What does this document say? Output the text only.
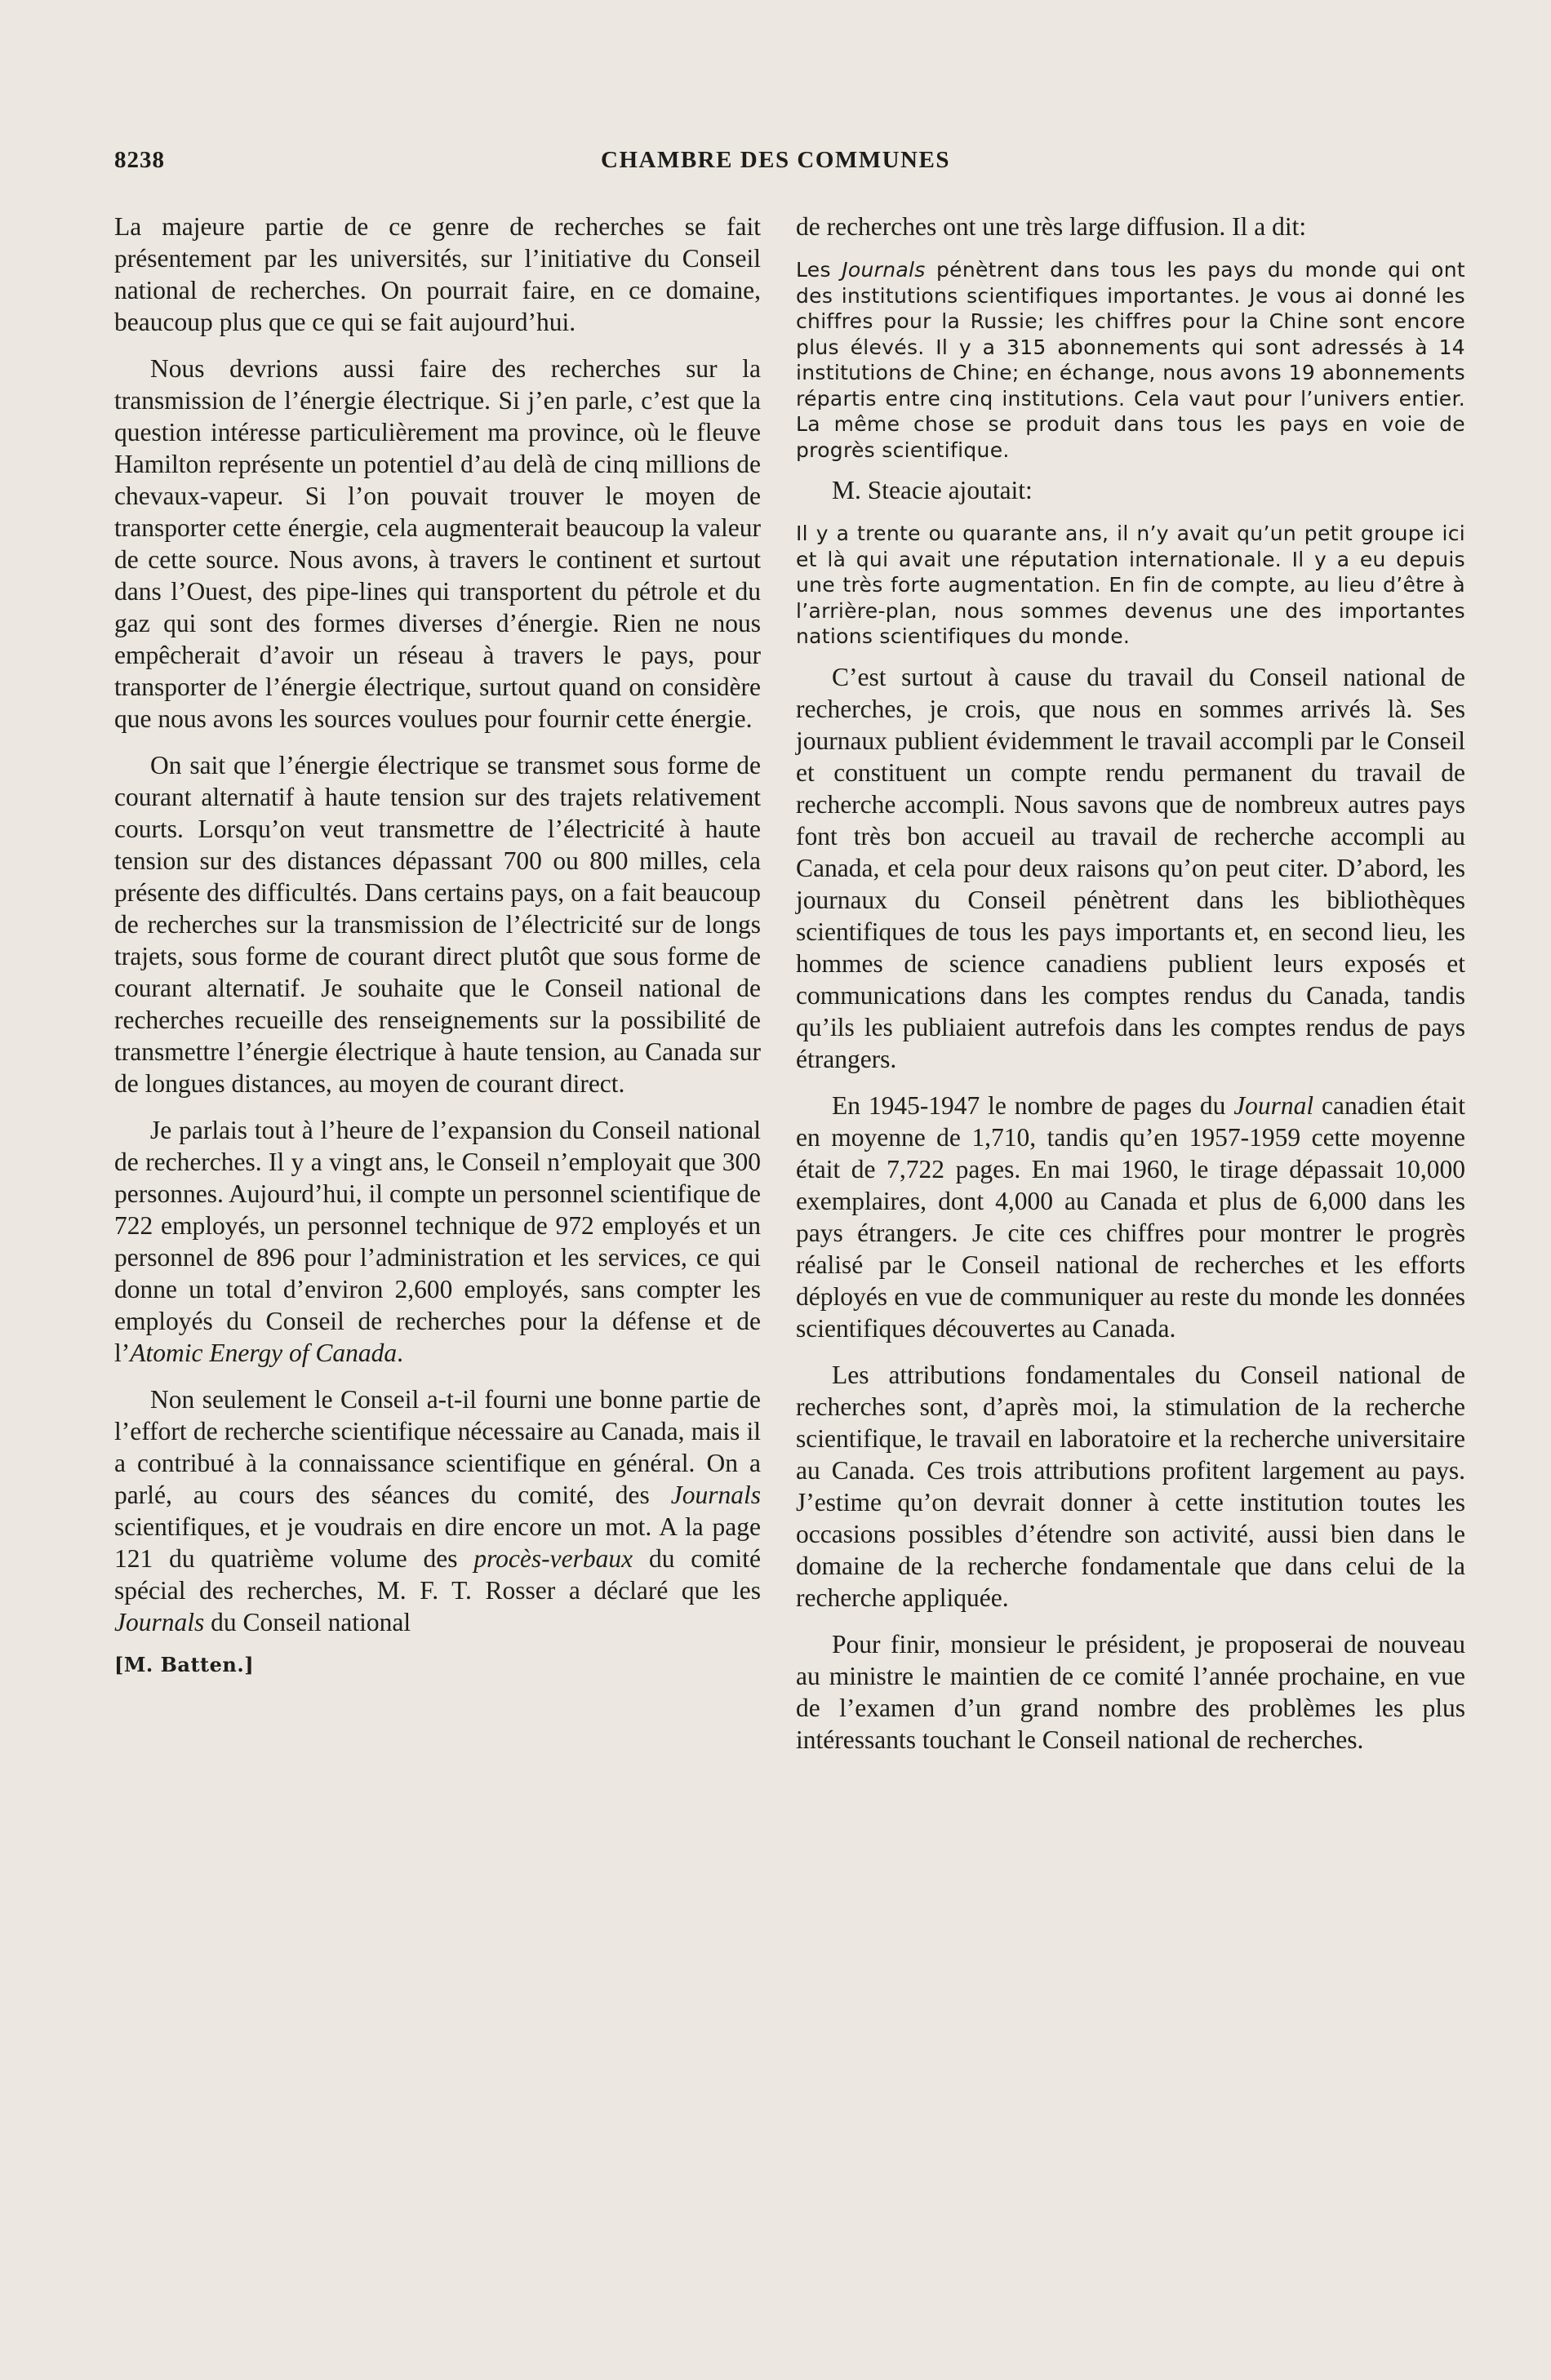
8238	CHAMBRE DES COMMUNES

La majeure partie de ce genre de recherches se fait présentement par les universités, sur l’initiative du Conseil national de recherches. On pourrait faire, en ce domaine, beaucoup plus que ce qui se fait aujourd’hui.

Nous devrions aussi faire des recherches sur la transmission de l’énergie électrique. Si j’en parle, c’est que la question intéresse particulièrement ma province, où le fleuve Hamilton représente un potentiel d’au delà de cinq millions de chevaux-vapeur. Si l’on pouvait trouver le moyen de transporter cette énergie, cela augmenterait beaucoup la valeur de cette source. Nous avons, à travers le continent et surtout dans l’Ouest, des pipe-lines qui transportent du pétrole et du gaz qui sont des formes diverses d’énergie. Rien ne nous empêcherait d’avoir un réseau à travers le pays, pour transporter de l’énergie électrique, surtout quand on considère que nous avons les sources voulues pour fournir cette énergie.

On sait que l’énergie électrique se transmet sous forme de courant alternatif à haute tension sur des trajets relativement courts. Lorsqu’on veut transmettre de l’électricité à haute tension sur des distances dépassant 700 ou 800 milles, cela présente des difficultés. Dans certains pays, on a fait beaucoup de recherches sur la transmission de l’électricité sur de longs trajets, sous forme de courant direct plutôt que sous forme de courant alternatif. Je souhaite que le Conseil national de recherches recueille des renseignements sur la possibilité de transmettre l’énergie électrique à haute tension, au Canada sur de longues distances, au moyen de courant direct.

Je parlais tout à l’heure de l’expansion du Conseil national de recherches. Il y a vingt ans, le Conseil n’employait que 300 personnes. Aujourd’hui, il compte un personnel scientifique de 722 employés, un personnel technique de 972 employés et un personnel de 896 pour l’administration et les services, ce qui donne un total d’environ 2,600 employés, sans compter les employés du Conseil de recherches pour la défense et de l’Atomic Energy of Canada.

Non seulement le Conseil a-t-il fourni une bonne partie de l’effort de recherche scientifique nécessaire au Canada, mais il a contribué à la connaissance scientifique en général. On a parlé, au cours des séances du comité, des Journals scientifiques, et je voudrais en dire encore un mot. A la page 121 du quatrième volume des procès-verbaux du comité spécial des recherches, M. F. T. Rosser a déclaré que les Journals du Conseil national

[M. Batten.]

de recherches ont une très large diffusion. Il a dit:

Les Journals pénètrent dans tous les pays du monde qui ont des institutions scientifiques importantes. Je vous ai donné les chiffres pour la Russie; les chiffres pour la Chine sont encore plus élevés. Il y a 315 abonnements qui sont adressés à 14 institutions de Chine; en échange, nous avons 19 abonnements répartis entre cinq institutions. Cela vaut pour l’univers entier. La même chose se produit dans tous les pays en voie de progrès scientifique.

M. Steacie ajoutait:

Il y a trente ou quarante ans, il n’y avait qu’un petit groupe ici et là qui avait une réputation internationale. Il y a eu depuis une très forte augmentation. En fin de compte, au lieu d’être à l’arrière-plan, nous sommes devenus une des importantes nations scientifiques du monde.

C’est surtout à cause du travail du Conseil national de recherches, je crois, que nous en sommes arrivés là. Ses journaux publient évidemment le travail accompli par le Conseil et constituent un compte rendu permanent du travail de recherche accompli. Nous savons que de nombreux autres pays font très bon accueil au travail de recherche accompli au Canada, et cela pour deux raisons qu’on peut citer. D’abord, les journaux du Conseil pénètrent dans les bibliothèques scientifiques de tous les pays importants et, en second lieu, les hommes de science canadiens publient leurs exposés et communications dans les comptes rendus du Canada, tandis qu’ils les publiaient autrefois dans les comptes rendus de pays étrangers.

En 1945-1947 le nombre de pages du Journal canadien était en moyenne de 1,710, tandis qu’en 1957-1959 cette moyenne était de 7,722 pages. En mai 1960, le tirage dépassait 10,000 exemplaires, dont 4,000 au Canada et plus de 6,000 dans les pays étrangers. Je cite ces chiffres pour montrer le progrès réalisé par le Conseil national de recherches et les efforts déployés en vue de communiquer au reste du monde les données scientifiques découvertes au Canada.

Les attributions fondamentales du Conseil national de recherches sont, d’après moi, la stimulation de la recherche scientifique, le travail en laboratoire et la recherche universitaire au Canada. Ces trois attributions profitent largement au pays. J’estime qu’on devrait donner à cette institution toutes les occasions possibles d’étendre son activité, aussi bien dans le domaine de la recherche fondamentale que dans celui de la recherche appliquée.

Pour finir, monsieur le président, je proposerai de nouveau au ministre le maintien de ce comité l’année prochaine, en vue de l’examen d’un grand nombre des problèmes les plus intéressants touchant le Conseil national de recherches.
